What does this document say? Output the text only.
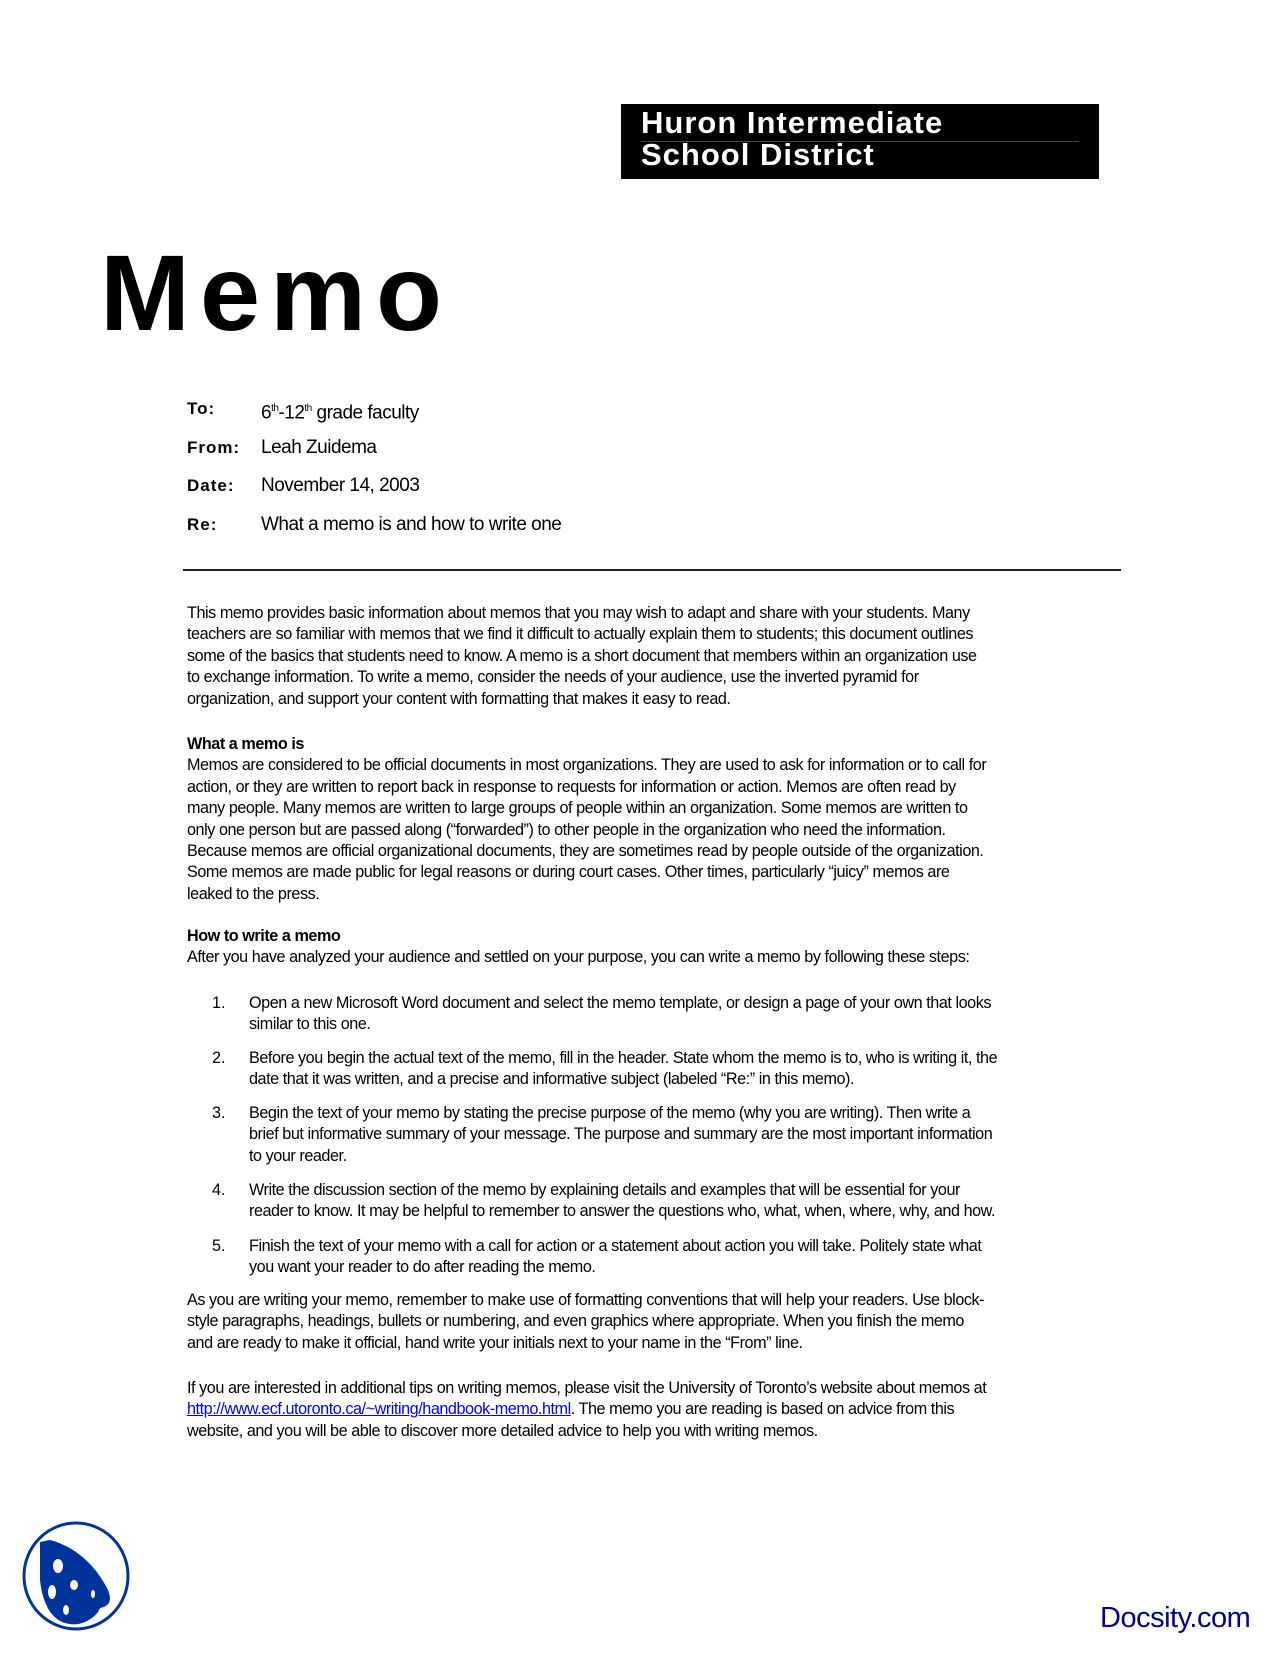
Huron Intermediate
School District
Memo
To: 6th-12th grade faculty
From: Leah Zuidema
Date: November 14, 2003
Re: What a memo is and how to write one
This memo provides basic information about memos that you may wish to adapt and share with your students. Many
teachers are so familiar with memos that we find it difficult to actually explain them to students; this document outlines
some of the basics that students need to know. A memo is a short document that members within an organization use
to exchange information. To write a memo, consider the needs of your audience, use the inverted pyramid for
organization, and support your content with formatting that makes it easy to read.
What a memo is
Memos are considered to be official documents in most organizations. They are used to ask for information or to call for
action, or they are written to report back in response to requests for information or action. Memos are often read by
many people. Many memos are written to large groups of people within an organization. Some memos are written to
only one person but are passed along (“forwarded”) to other people in the organization who need the information.
Because memos are official organizational documents, they are sometimes read by people outside of the organization.
Some memos are made public for legal reasons or during court cases. Other times, particularly “juicy” memos are
leaked to the press.
How to write a memo
After you have analyzed your audience and settled on your purpose, you can write a memo by following these steps:
1. Open a new Microsoft Word document and select the memo template, or design a page of your own that looks
similar to this one.
2. Before you begin the actual text of the memo, fill in the header. State whom the memo is to, who is writing it, the
date that it was written, and a precise and informative subject (labeled “Re:” in this memo).
3. Begin the text of your memo by stating the precise purpose of the memo (why you are writing). Then write a
brief but informative summary of your message. The purpose and summary are the most important information
to your reader.
4. Write the discussion section of the memo by explaining details and examples that will be essential for your
reader to know. It may be helpful to remember to answer the questions who, what, when, where, why, and how.
5. Finish the text of your memo with a call for action or a statement about action you will take. Politely state what
you want your reader to do after reading the memo.
As you are writing your memo, remember to make use of formatting conventions that will help your readers. Use block-
style paragraphs, headings, bullets or numbering, and even graphics where appropriate. When you finish the memo
and are ready to make it official, hand write your initials next to your name in the “From” line.
If you are interested in additional tips on writing memos, please visit the University of Toronto’s website about memos at
http://www.ecf.utoronto.ca/~writing/handbook-memo.html. The memo you are reading is based on advice from this
website, and you will be able to discover more detailed advice to help you with writing memos.
Docsity.com
